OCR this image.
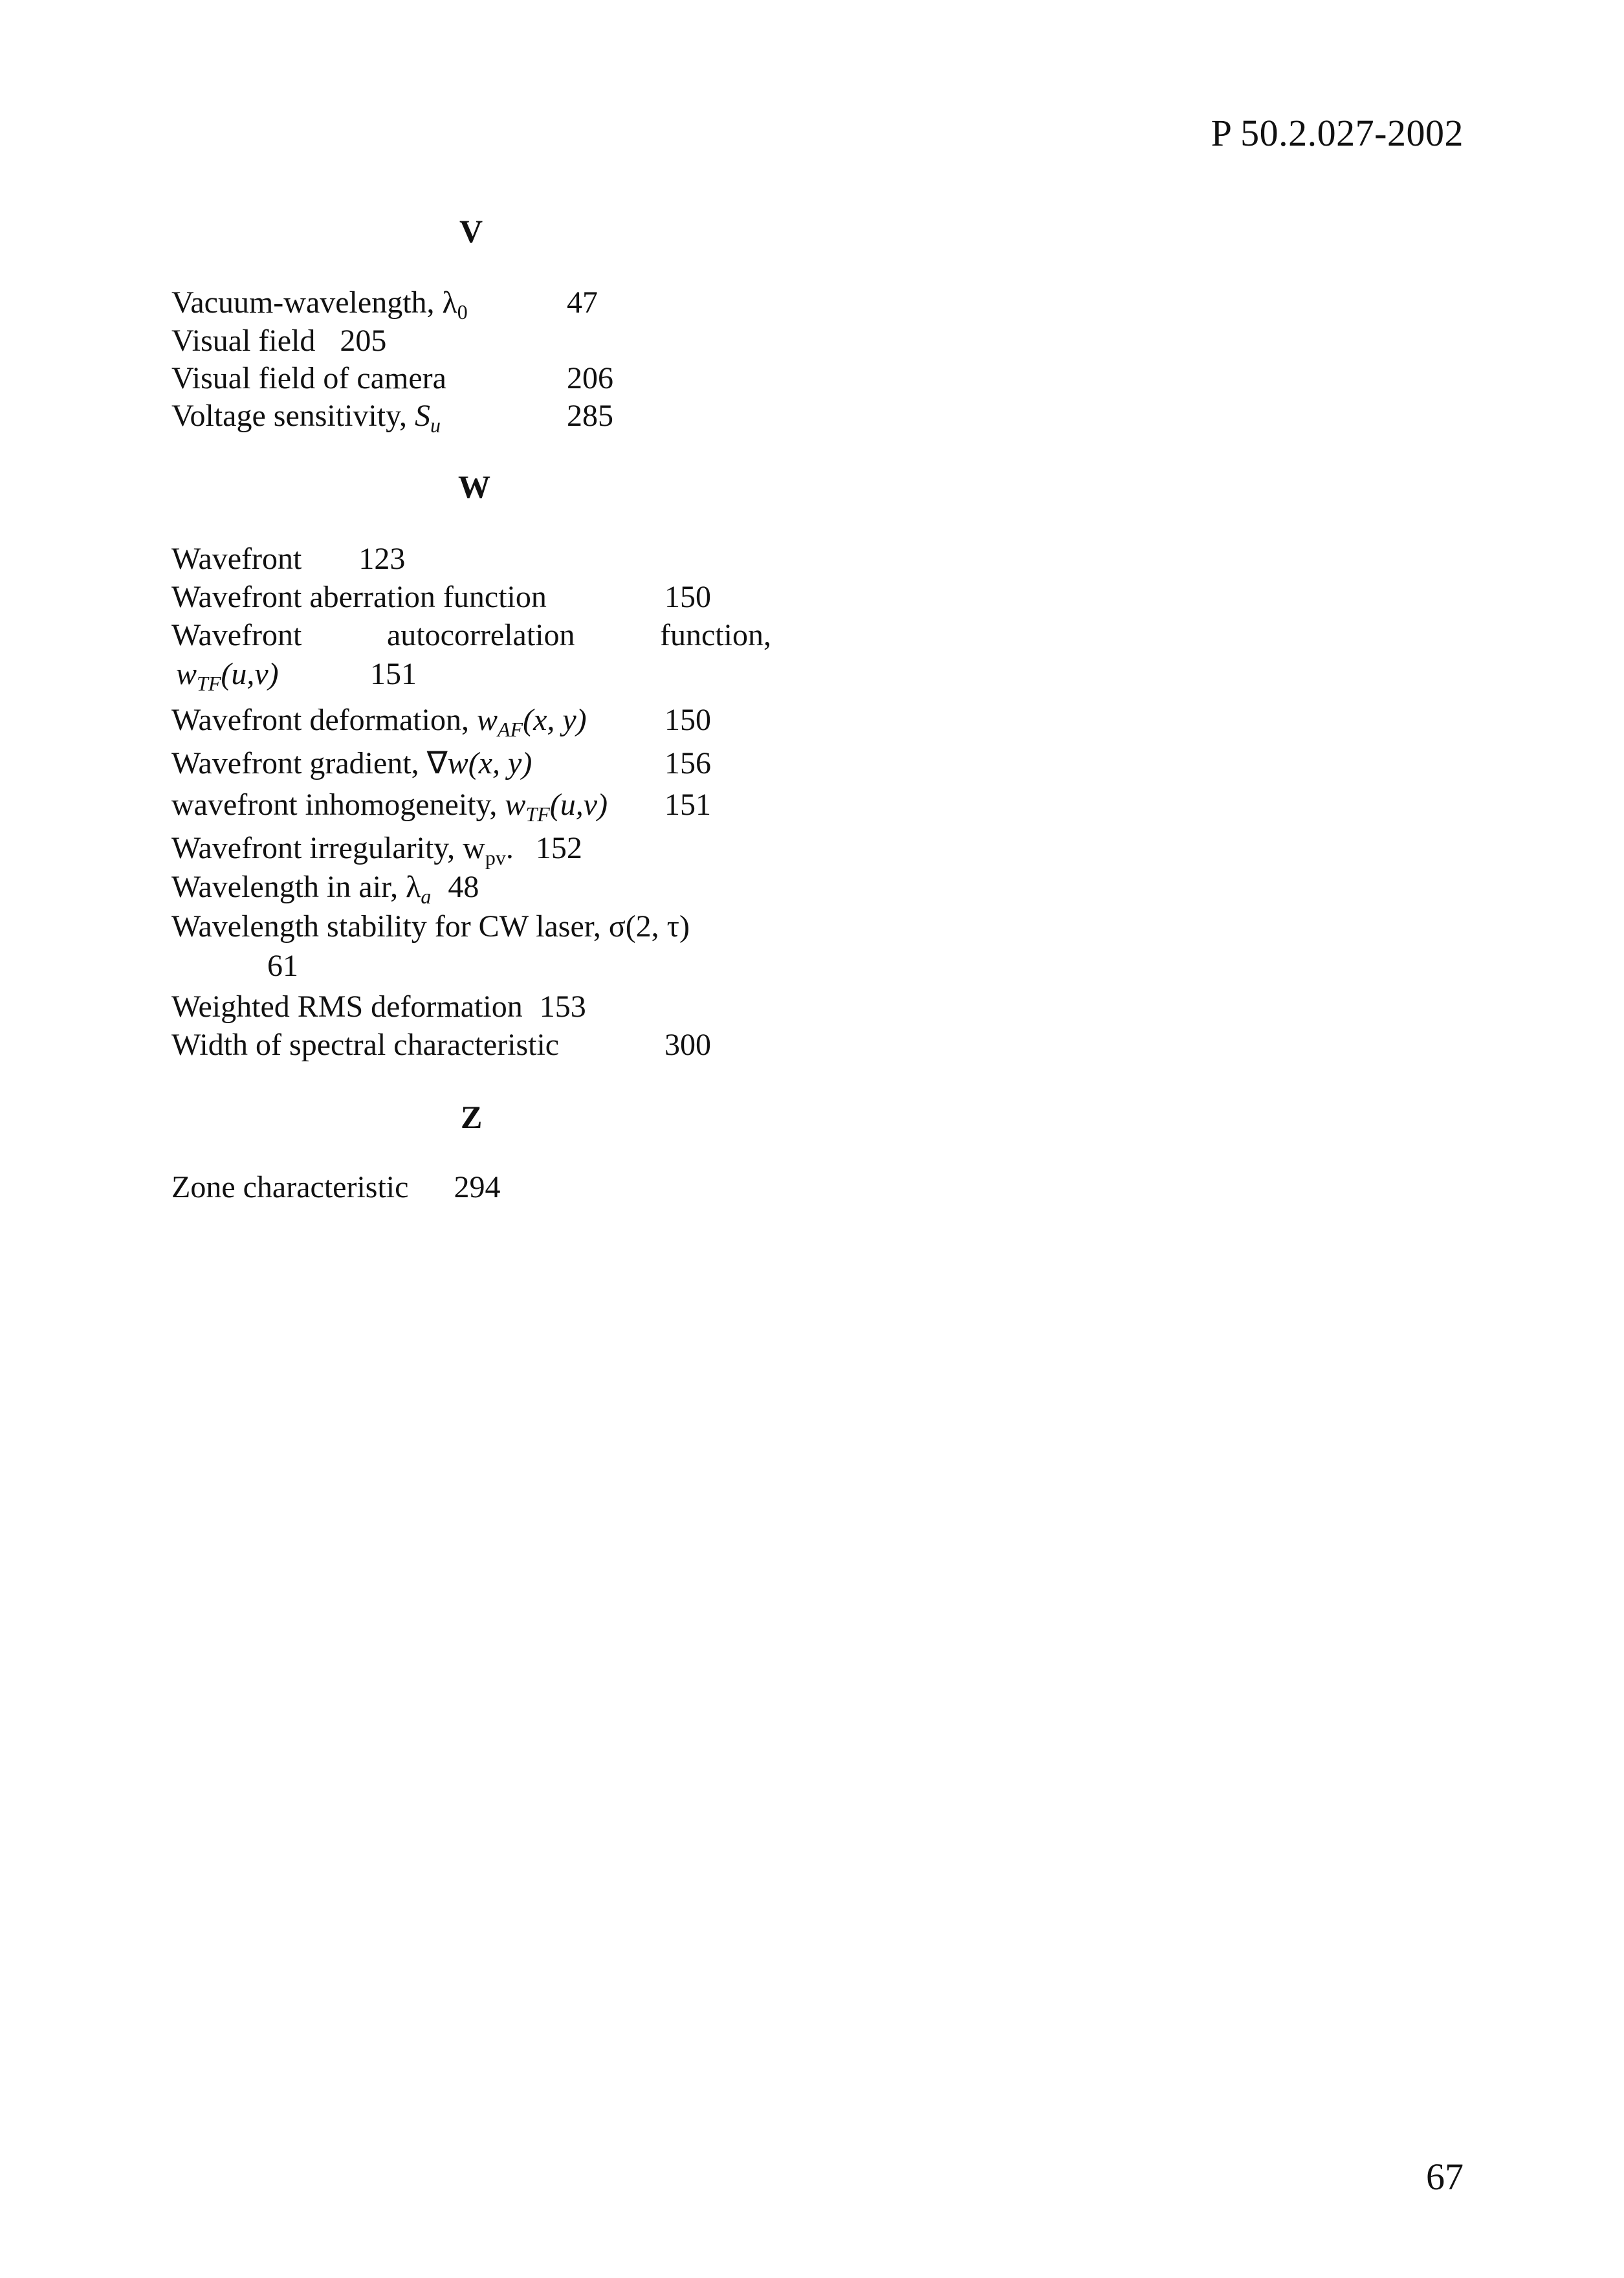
P 50.2.027-2002
V
Vacuum-wavelength, $\lambda_0$	47
Visual field 205
Visual field of camera	206
Voltage sensitivity, $S_u$	285
W
Wavefront 123
Wavefront aberration function	150
Wavefront	autocorrelation	function,
$w_{TF}(u,v)$	151
Wavefront deformation, $w_{AF}(x$, y)	150
Wavefront gradient, ∇w(x, y)	156
wavefront inhomogeneity, $w_{TF}(u,v)$ 151
Wavefront irregularity, $w_{pv}$. 152
Wavelength in air, $\lambda_a$ 48
Wavelength stability for CW laser, σ(2, τ)
61
Weighted RMS deformation 153
Width of spectral characteristic	300
Z
Zone characteristic 294
67
